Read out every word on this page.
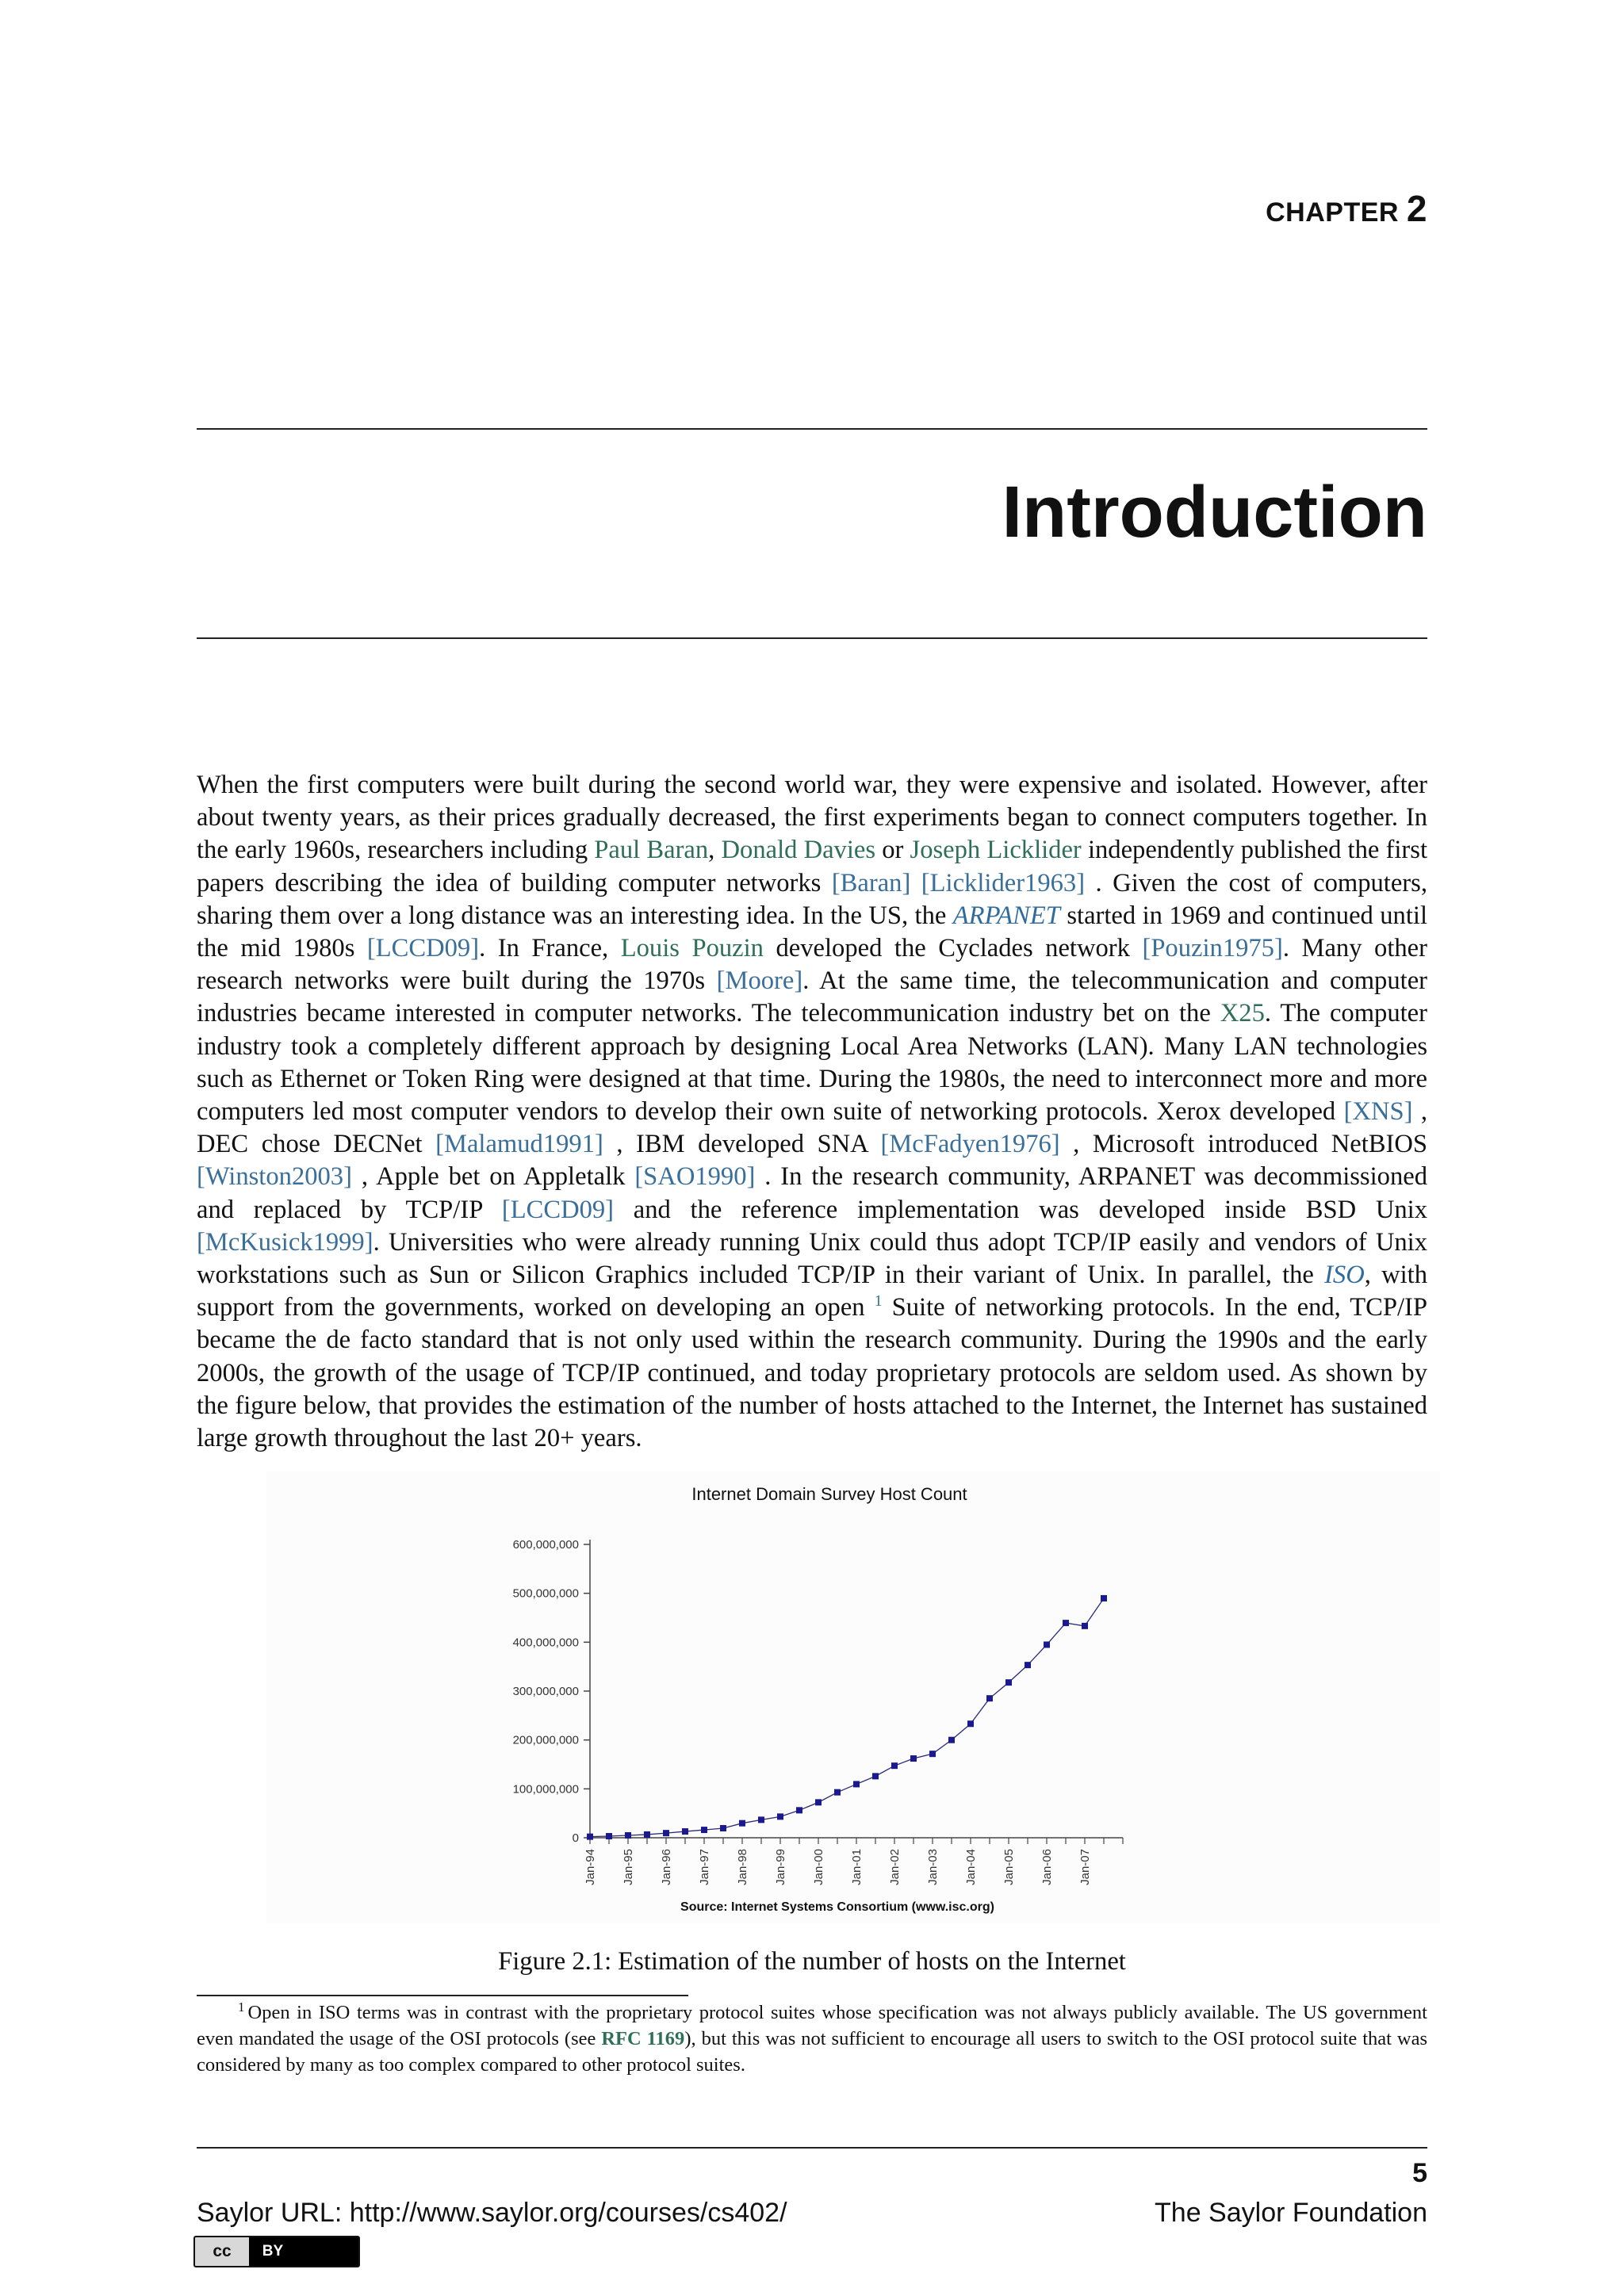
CHAPTER 2
Introduction

When the first computers were built during the second world war, they were expensive and isolated. However, after about twenty years, as their prices gradually decreased, the first experiments began to connect computers together. In the early 1960s, researchers including Paul Baran, Donald Davies or Joseph Licklider independently published the first papers describing the idea of building computer networks [Baran] [Licklider1963] . Given the cost of computers, sharing them over a long distance was an interesting idea. In the US, the ARPANET started in 1969 and continued until the mid 1980s [LCCD09]. In France, Louis Pouzin developed the Cyclades network [Pouzin1975]. Many other research networks were built during the 1970s [Moore]. At the same time, the telecommunication and computer industries became interested in computer networks. The telecommunication industry bet on the X25. The computer industry took a completely different approach by designing Local Area Networks (LAN). Many LAN technologies such as Ethernet or Token Ring were designed at that time. During the 1980s, the need to interconnect more and more computers led most computer vendors to develop their own suite of networking protocols. Xerox developed [XNS] , DEC chose DECNet [Malamud1991] , IBM developed SNA [McFadyen1976] , Microsoft introduced NetBIOS [Winston2003] , Apple bet on Appletalk [SAO1990] . In the research community, ARPANET was decommissioned and replaced by TCP/IP [LCCD09] and the reference implementation was developed inside BSD Unix [McKusick1999]. Universities who were already running Unix could thus adopt TCP/IP easily and vendors of Unix workstations such as Sun or Silicon Graphics included TCP/IP in their variant of Unix. In parallel, the ISO, with support from the governments, worked on developing an open $^1$ Suite of networking protocols. In the end, TCP/IP became the de facto standard that is not only used within the research community. During the 1990s and the early 2000s, the growth of the usage of TCP/IP continued, and today proprietary protocols are seldom used. As shown by the figure below, that provides the estimation of the number of hosts attached to the Internet, the Internet has sustained large growth throughout the last 20+ years.

Internet Domain Survey Host Count
0
100,000,000
200,000,000
300,000,000
400,000,000
500,000,000
600,000,000
Jan-94 Jan-95 Jan-96 Jan-97 Jan-98 Jan-99 Jan-00 Jan-01 Jan-02 Jan-03 Jan-04 Jan-05 Jan-06 Jan-07
Source: Internet Systems Consortium (www.isc.org)
Figure 2.1: Estimation of the number of hosts on the Internet
$^1$ Open in ISO terms was in contrast with the proprietary protocol suites whose specification was not always publicly available. The US government even mandated the usage of the OSI protocols (see RFC 1169), but this was not sufficient to encourage all users to switch to the OSI protocol suite that was considered by many as too complex compared to other protocol suites.
5
Saylor URL: http://www.saylor.org/courses/cs402/	The Saylor Foundation
cc	BY
